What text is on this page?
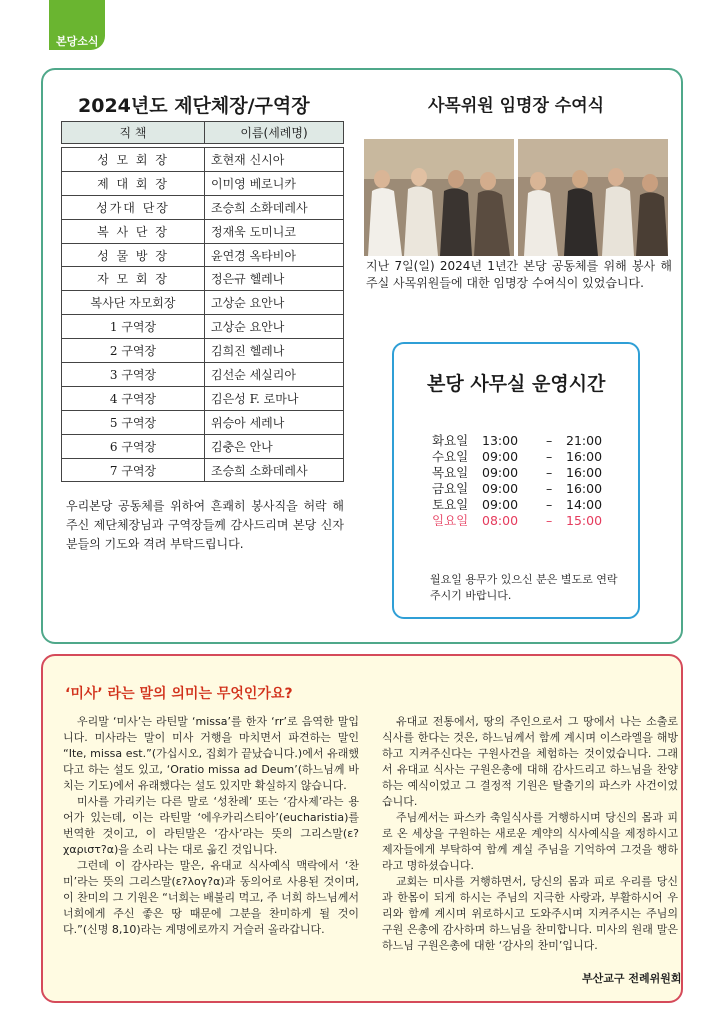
본당소식
2024년도 제단체장/구역장
직 책	이름(세례명)

성 모 회 장	호현재 신시아
제 대 회 장	이미영 베로니카
성가대 단장	조승희 소화데레사
복 사 단 장	정재욱 도미니코
성 물 방 장	윤연경 옥타비아
자 모 회 장	정은규 헬레나
복사단 자모회장	고상순 요안나
1 구역장	고상순 요안나
2 구역장	김희진 헬레나
3 구역장	김선순 세실리아
4 구역장	김은성 F. 로마나
5 구역장	위승아 세레나
6 구역장	김충은 안나
7 구역장	조승희 소화데레사
우리본당 공동체를 위하여 흔쾌히 봉사직을 허락 해 주신 제단체장님과 구역장들께 감사드리며 본당 신자분들의 기도와 격려 부탁드립니다.
사목위원 임명장 수여식
지난 7일(일) 2024년 1년간 본당 공동체를 위해 봉사 해 주실 사목위원들에 대한 임명장 수여식이 있었습니다.
본당 사무실 운영시간
화요일	13:00	–	21:00
수요일	09:00	–	16:00
목요일	09:00	–	16:00
금요일	09:00	–	16:00
토요일	09:00	–	14:00
일요일	08:00	–	15:00
월요일 용무가 있으신 분은 별도로 연락 주시기 바랍니다.
‘미사’ 라는 말의 의미는 무엇인가요?

우리말 ‘미사’는 라틴말 ‘missa’를 한자 ‘rr’로 음역한 말입니다. 미사라는 말이 미사 거행을 마치면서 파견하는 말인 “Ite, missa est.”(가십시오, 집회가 끝났습니다.)에서 유래했다고 하는 설도 있고, ‘Oratio missa ad Deum’(하느님께 바치는 기도)에서 유래했다는 설도 있지만 확실하지 않습니다.

미사를 가리키는 다른 말로 ‘성찬례’ 또는 ‘감사제’라는 용어가 있는데, 이는 라틴말 ‘에우카리스티아’(eucharistia)를 번역한 것이고, 이 라틴말은 ‘감사’라는 뜻의 그리스말(ε?χαριστ?α)을 소리 나는 대로 옮긴 것입니다.

그런데 이 감사라는 말은, 유대교 식사예식 맥락에서 ‘찬미’라는 뜻의 그리스말(ε?λογ?α)과 동의어로 사용된 것이며, 이 찬미의 그 기원은 “너희는 배불리 먹고, 주 너희 하느님께서 너희에게 주신 좋은 땅 때문에 그분을 찬미하게 될 것이다.”(신명 8,10)라는 계명에로까지 거슬러 올라갑니다.

유대교 전통에서, 땅의 주인으로서 그 땅에서 나는 소출로 식사를 한다는 것은, 하느님께서 함께 계시며 이스라엘을 해방하고 지켜주신다는 구원사건을 체험하는 것이었습니다. 그래서 유대교 식사는 구원은총에 대해 감사드리고 하느님을 찬양하는 예식이었고 그 결정적 기원은 탈출기의 파스카 사건이었습니다.

주님께서는 파스카 축일식사를 거행하시며 당신의 몸과 피로 온 세상을 구원하는 새로운 계약의 식사예식을 제정하시고 제자들에게 부탁하여 함께 계실 주님을 기억하여 그것을 행하라고 명하셨습니다.

교회는 미사를 거행하면서, 당신의 몸과 피로 우리를 당신과 한몸이 되게 하시는 주님의 지극한 사랑과, 부활하시어 우리와 함께 계시며 위로하시고 도와주시며 지켜주시는 주님의 구원 은총에 감사하며 하느님을 찬미합니다. 미사의 원래 말은 하느님 구원은총에 대한 ‘감사의 찬미’입니다.

부산교구 전례위원회
